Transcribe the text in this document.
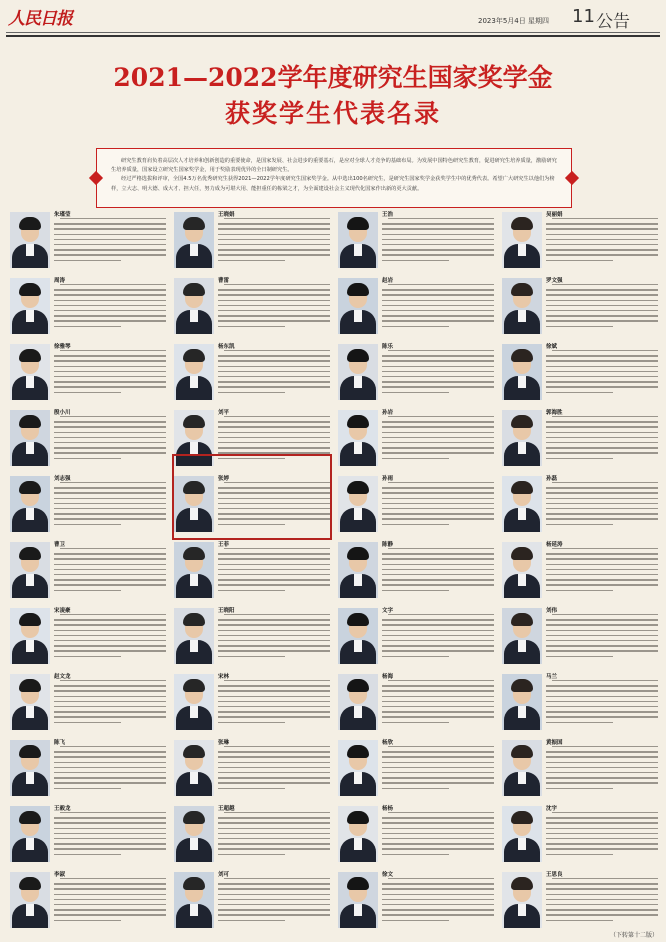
人民日报	2023年5月4日 星期四 11 公告
2021—2022学年度研究生国家奖学金
获奖学生代表名录

研究生教育肩负着高层次人才培养和创新创造的重要使命，是国家发展、社会进步的重要基石，是应对全球人才竞争的基础布局。为发展中国特色研究生教育，促进研究生培养质量，激励研究生培养质量，国家设立研究生国家奖学金，用于奖励表现优异的全日制研究生。

经过严格选拔和评审，全国4.5万名优秀研究生获得2021—2022学年度研究生国家奖学金。从中选出100名研究生，是研究生国家奖学金获奖学生中的优秀代表。希望广大研究生以他们为榜样，立大志、明大德、成大才、担大任，努力成为可堪大用、能担重任的栋梁之才，为全面建设社会主义现代化国家作出新的更大贡献。

朱瑾莹	王晓娟	王浩	吴丽娟
周涛	曹雷	赵岩	罗文强
徐雅琴	杨东凯	陈乐	徐斌
殷小川	刘平	孙岩	郭海胜
刘志强	张婷	孙雨	孙磊
曹卫	王菲	陈静	杨延涛
宋凌豪	王晓阳	文字	刘伟
赵文龙	宋林	杨海	马兰
陈飞	张琳	杨欣	黄振国
王毅龙	王超越	杨杨	沈宇
李淑	刘可	徐文	王思良
（下转第十二版）
